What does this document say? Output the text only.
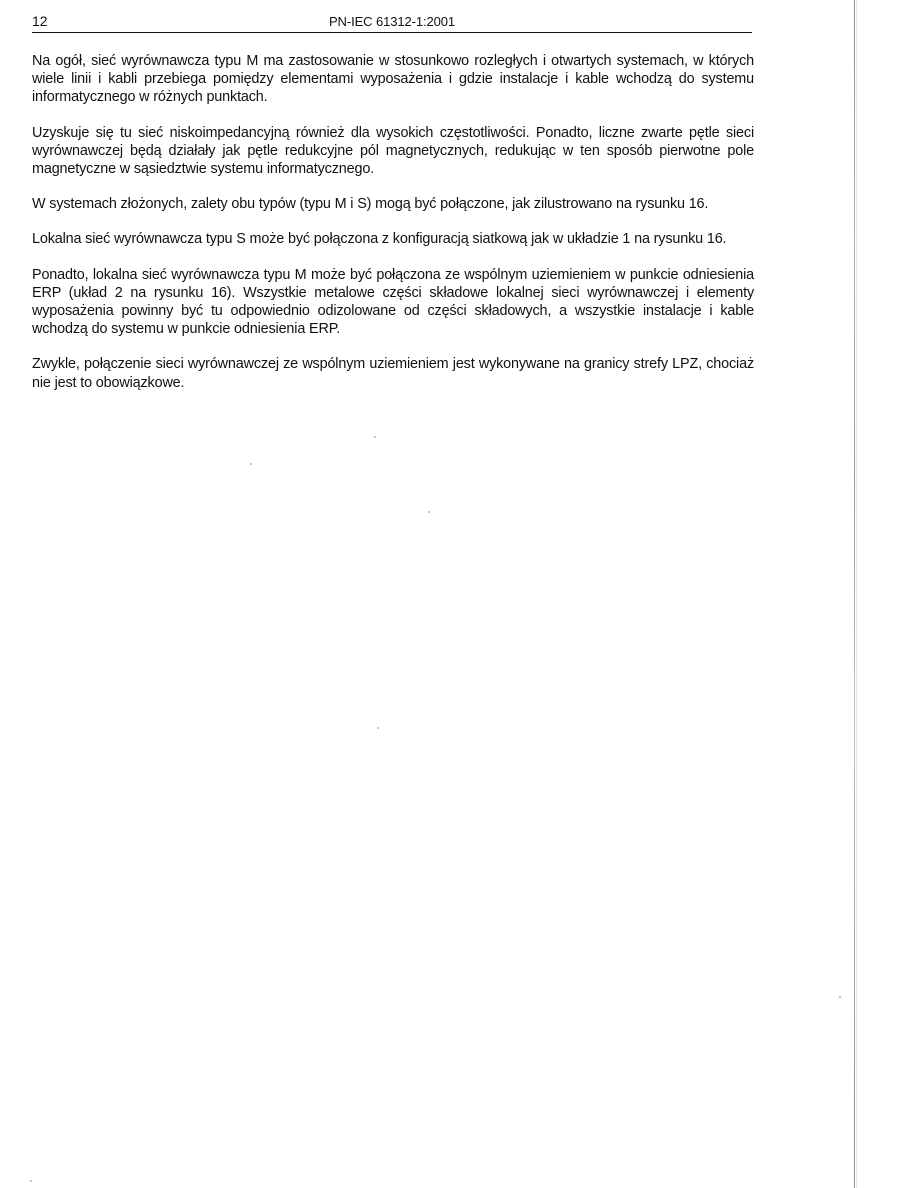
12	PN-IEC 61312-1:2001

Na ogół, sieć wyrównawcza typu M ma zastosowanie w stosunkowo rozległych i otwartych systemach, w których wiele linii i kabli przebiega pomiędzy elementami wyposażenia i gdzie instalacje i kable wchodzą do systemu informatycznego w różnych punktach.

Uzyskuje się tu sieć niskoimpedancyjną również dla wysokich częstotliwości. Ponadto, liczne zwarte pętle sieci wyrównawczej będą działały jak pętle redukcyjne pól magnetycznych, redukując w ten sposób pierwotne pole magnetyczne w sąsiedztwie systemu informatycznego.

W systemach złożonych, zalety obu typów (typu M i S) mogą być połączone, jak zilustrowano na rysunku 16.

Lokalna sieć wyrównawcza typu S może być połączona z konfiguracją siatkową jak w układzie 1 na rysunku 16.

Ponadto, lokalna sieć wyrównawcza typu M może być połączona ze wspólnym uziemieniem w punkcie odniesienia ERP (układ 2 na rysunku 16). Wszystkie metalowe części składowe lokalnej sieci wyrównawczej i elementy wyposażenia powinny być tu odpowiednio odizolowane od części składowych, a wszystkie instalacje i kable wchodzą do systemu w punkcie odniesienia ERP.

Zwykle, połączenie sieci wyrównawczej ze wspólnym uziemieniem jest wykonywane na granicy strefy LPZ, chociaż nie jest to obowiązkowe.
